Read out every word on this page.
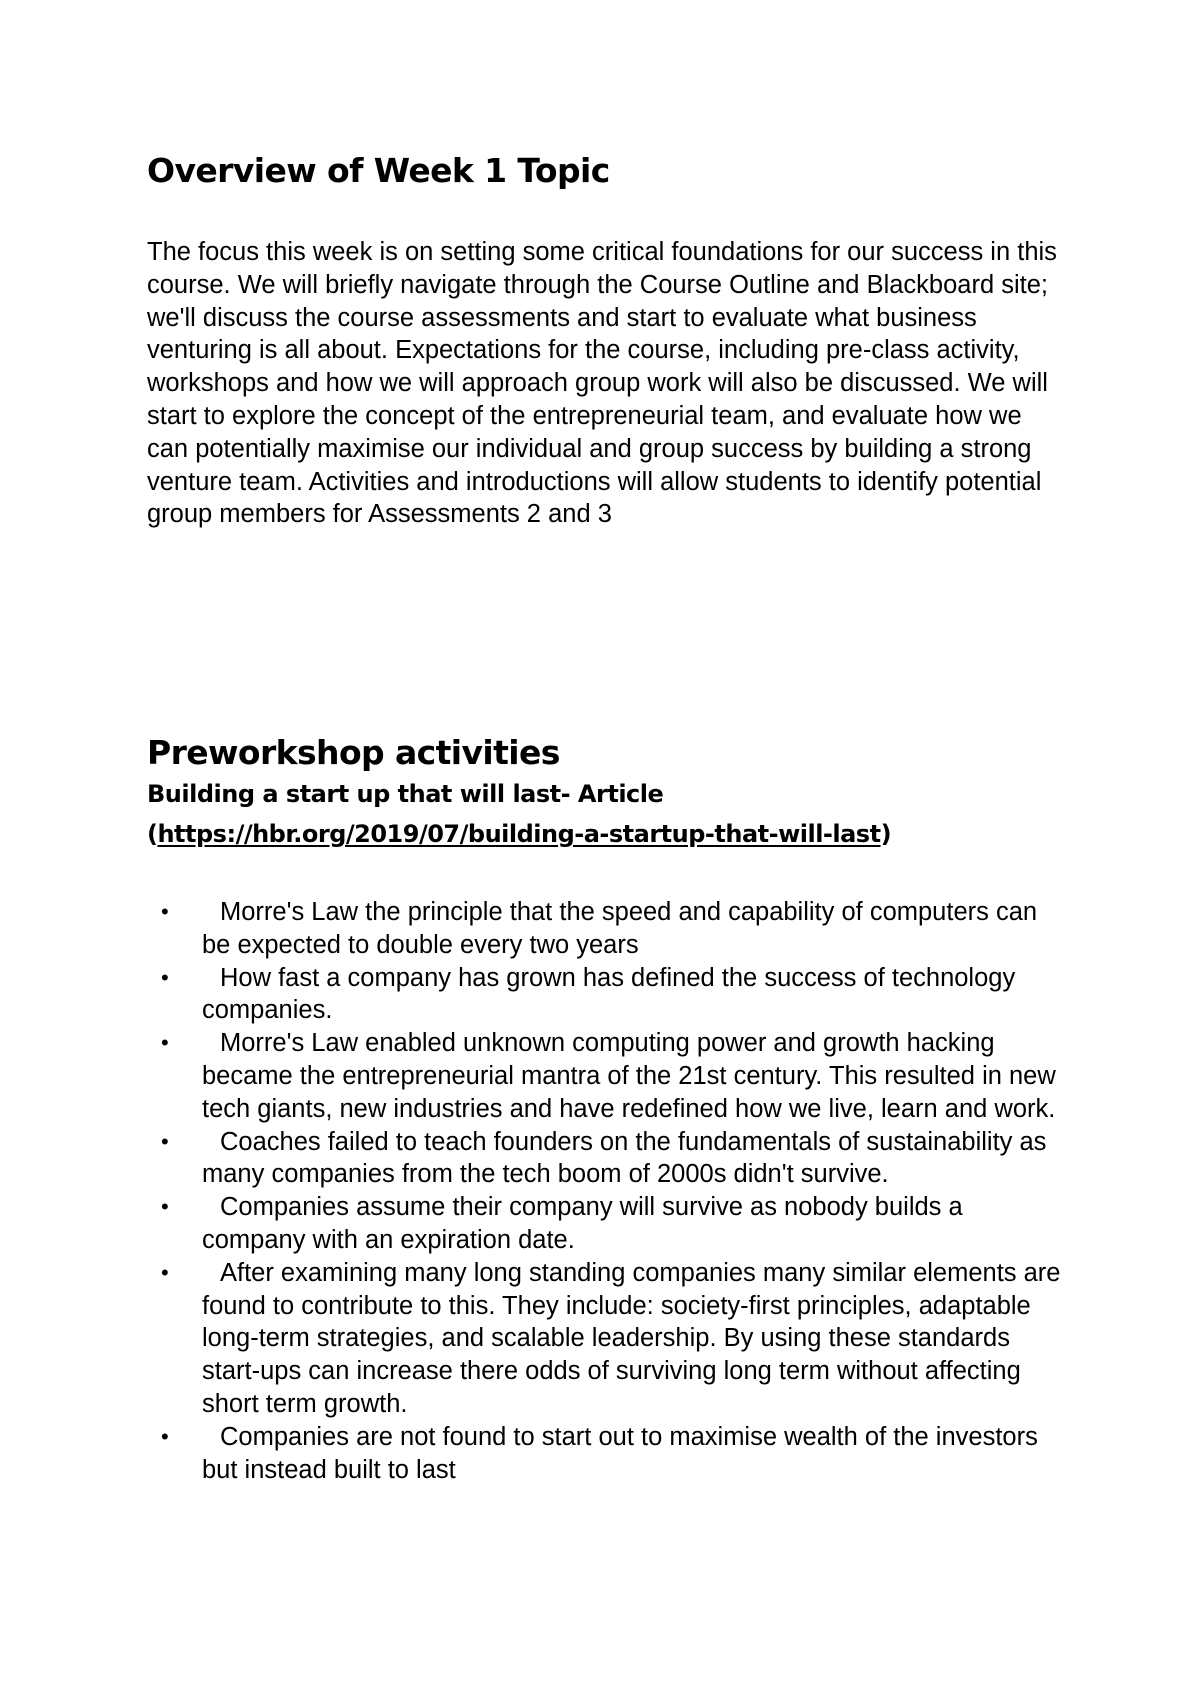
Overview of Week 1 Topic

The focus this week is on setting some critical foundations for our success in this course. We will briefly navigate through the Course Outline and Blackboard site; we'll discuss the course assessments and start to evaluate what business venturing is all about. Expectations for the course, including pre-class activity, workshops and how we will approach group work will also be discussed. We will start to explore the concept of the entrepreneurial team, and evaluate how we can potentially maximise our individual and group success by building a strong venture team. Activities and introductions will allow students to identify potential group members for Assessments 2 and 3

Preworkshop activities
Building a start up that will last- Article
(https://hbr.org/2019/07/building-a-startup-that-will-last)
• Morre's Law the principle that the speed and capability of computers can be expected to double every two years
• How fast a company has grown has defined the success of technology companies.
• Morre's Law enabled unknown computing power and growth hacking became the entrepreneurial mantra of the 21st century. This resulted in new tech giants, new industries and have redefined how we live, learn and work.
• Coaches failed to teach founders on the fundamentals of sustainability as many companies from the tech boom of 2000s didn't survive.
• Companies assume their company will survive as nobody builds a company with an expiration date.
• After examining many long standing companies many similar elements are found to contribute to this. They include: society-first principles, adaptable long-term strategies, and scalable leadership. By using these standards start-ups can increase there odds of surviving long term without affecting short term growth.
• Companies are not found to start out to maximise wealth of the investors but instead built to last
